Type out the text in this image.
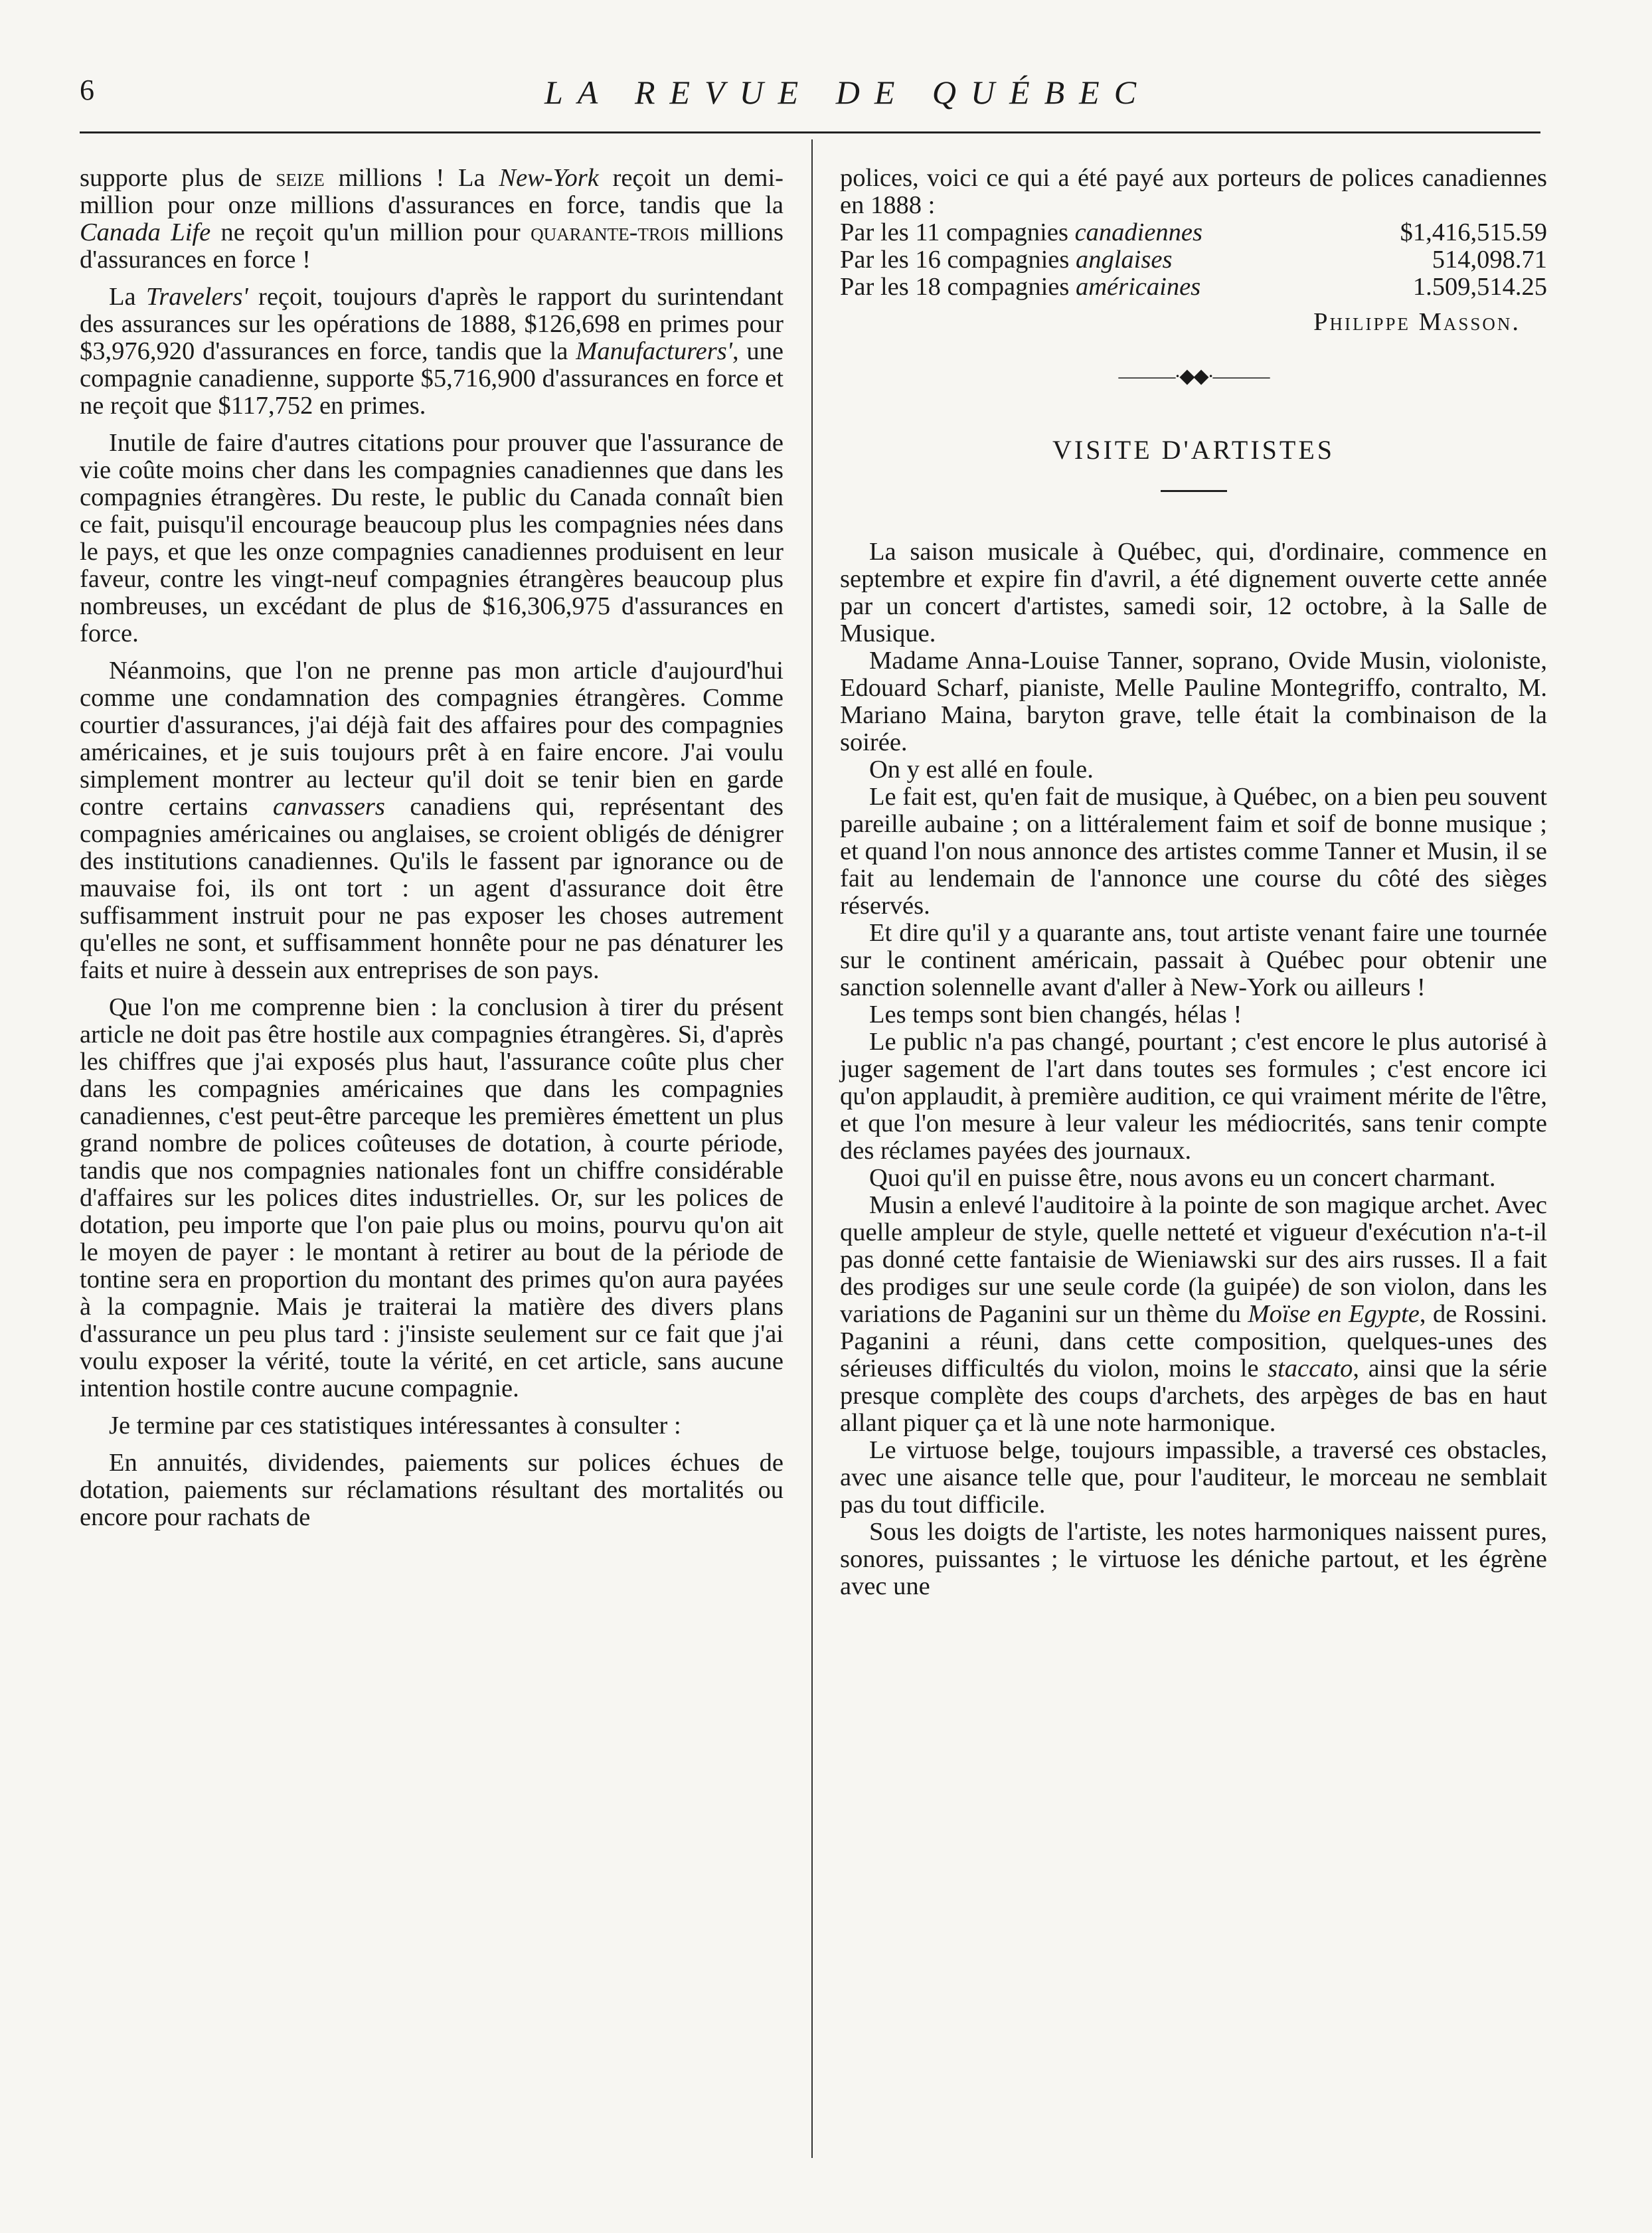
6	LA REVUE DE QUÉBEC

supporte plus de seize millions ! La New-York reçoit un demi-million pour onze millions d'assurances en force, tandis que la Canada Life ne reçoit qu'un million pour quarante-trois millions d'assurances en force !

La Travelers' reçoit, toujours d'après le rapport du surintendant des assurances sur les opérations de 1888, $126,698 en primes pour $3,976,920 d'assurances en force, tandis que la Manufacturers', une compagnie canadienne, supporte $5,716,900 d'assurances en force et ne reçoit que $117,752 en primes.

Inutile de faire d'autres citations pour prouver que l'assurance de vie coûte moins cher dans les compagnies canadiennes que dans les compagnies étrangères. Du reste, le public du Canada connaît bien ce fait, puisqu'il encourage beaucoup plus les compagnies nées dans le pays, et que les onze compagnies canadiennes produisent en leur faveur, contre les vingt-neuf compagnies étrangères beaucoup plus nombreuses, un excédant de plus de $16,306,975 d'assurances en force.

Néanmoins, que l'on ne prenne pas mon article d'aujourd'hui comme une condamnation des compagnies étrangères. Comme courtier d'assurances, j'ai déjà fait des affaires pour des compagnies américaines, et je suis toujours prêt à en faire encore. J'ai voulu simplement montrer au lecteur qu'il doit se tenir bien en garde contre certains canvassers canadiens qui, représentant des compagnies américaines ou anglaises, se croient obligés de dénigrer des institutions canadiennes. Qu'ils le fassent par ignorance ou de mauvaise foi, ils ont tort : un agent d'assurance doit être suffisamment instruit pour ne pas exposer les choses autrement qu'elles ne sont, et suffisamment honnête pour ne pas dénaturer les faits et nuire à dessein aux entreprises de son pays.

Que l'on me comprenne bien : la conclusion à tirer du présent article ne doit pas être hostile aux compagnies étrangères. Si, d'après les chiffres que j'ai exposés plus haut, l'assurance coûte plus cher dans les compagnies américaines que dans les compagnies canadiennes, c'est peut-être parceque les premières émettent un plus grand nombre de polices coûteuses de dotation, à courte période, tandis que nos compagnies nationales font un chiffre considérable d'affaires sur les polices dites industrielles. Or, sur les polices de dotation, peu importe que l'on paie plus ou moins, pourvu qu'on ait le moyen de payer : le montant à retirer au bout de la période de tontine sera en proportion du montant des primes qu'on aura payées à la compagnie. Mais je traiterai la matière des divers plans d'assurance un peu plus tard : j'insiste seulement sur ce fait que j'ai voulu exposer la vérité, toute la vérité, en cet article, sans aucune intention hostile contre aucune compagnie.

Je termine par ces statistiques intéressantes à consulter :

En annuités, dividendes, paiements sur polices échues de dotation, paiements sur réclamations résultant des mortalités ou encore pour rachats de

polices, voici ce qui a été payé aux porteurs de polices canadiennes en 1888 :

Par les 11 compagnies canadiennes	$1,416,515.59
Par les 16 compagnies anglaises	514,098.71
Par les 18 compagnies américaines	1.509,514.25
Philippe Masson.
———·◆◆·———
VISITE D'ARTISTES

La saison musicale à Québec, qui, d'ordinaire, commence en septembre et expire fin d'avril, a été dignement ouverte cette année par un concert d'artistes, samedi soir, 12 octobre, à la Salle de Musique.

Madame Anna-Louise Tanner, soprano, Ovide Musin, violoniste, Edouard Scharf, pianiste, Melle Pauline Montegriffo, contralto, M. Mariano Maina, baryton grave, telle était la combinaison de la soirée.

On y est allé en foule.

Le fait est, qu'en fait de musique, à Québec, on a bien peu souvent pareille aubaine ; on a littéralement faim et soif de bonne musique ; et quand l'on nous annonce des artistes comme Tanner et Musin, il se fait au lendemain de l'annonce une course du côté des sièges réservés.

Et dire qu'il y a quarante ans, tout artiste venant faire une tournée sur le continent américain, passait à Québec pour obtenir une sanction solennelle avant d'aller à New-York ou ailleurs !

Les temps sont bien changés, hélas !

Le public n'a pas changé, pourtant ; c'est encore le plus autorisé à juger sagement de l'art dans toutes ses formules ; c'est encore ici qu'on applaudit, à première audition, ce qui vraiment mérite de l'être, et que l'on mesure à leur valeur les médiocrités, sans tenir compte des réclames payées des journaux.

Quoi qu'il en puisse être, nous avons eu un concert charmant.

Musin a enlevé l'auditoire à la pointe de son magique archet. Avec quelle ampleur de style, quelle netteté et vigueur d'exécution n'a-t-il pas donné cette fantaisie de Wieniawski sur des airs russes. Il a fait des prodiges sur une seule corde (la guipée) de son violon, dans les variations de Paganini sur un thème du Moïse en Egypte, de Rossini. Paganini a réuni, dans cette composition, quelques-unes des sérieuses difficultés du violon, moins le staccato, ainsi que la série presque complète des coups d'archets, des arpèges de bas en haut allant piquer ça et là une note harmonique.

Le virtuose belge, toujours impassible, a traversé ces obstacles, avec une aisance telle que, pour l'auditeur, le morceau ne semblait pas du tout difficile.

Sous les doigts de l'artiste, les notes harmoniques naissent pures, sonores, puissantes ; le virtuose les déniche partout, et les égrène avec une
